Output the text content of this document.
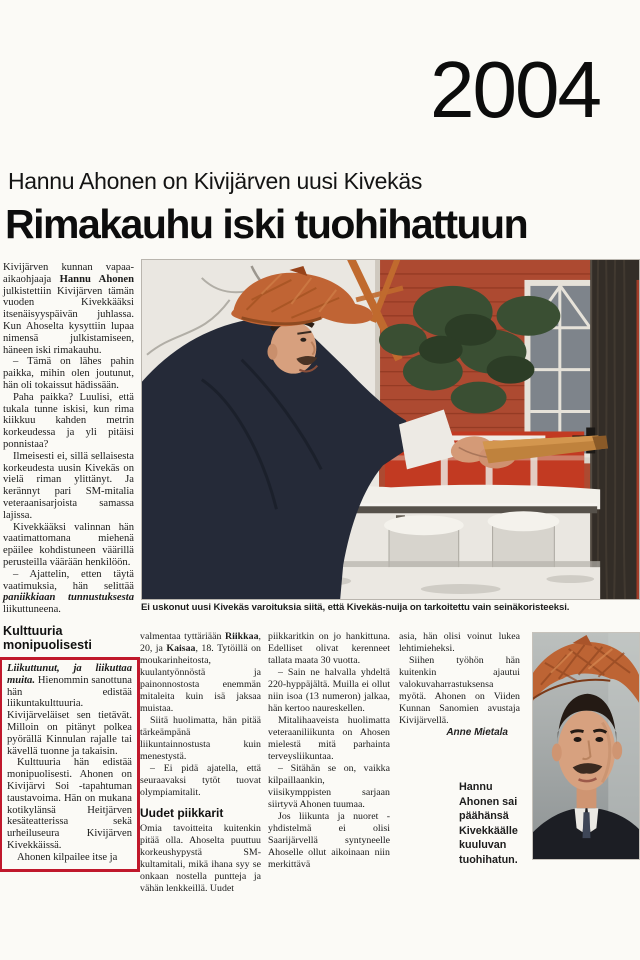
2004
Hannu Ahonen on Kivijärven uusi Kivekäs
Rimakauhu iski tuohihattuun
Ei uskonut uusi Kivekäs varoituksia siitä, että Kivekäs-nuija on tarkoitettu vain seinäkoristeeksi.

Kivijärven kunnan vapaa-aikaohjaaja Hannu Ahonen julkistettiin Kivijärven tämän vuoden Kivekkääksi itsenäisyyspäivän juhlassa. Kun Ahoselta kysyttiin lupaa nimensä julkistamiseen, häneen iski rimakauhu.

– Tämä on lähes pahin paikka, mihin olen joutunut, hän oli tokaissut hädissään.

Paha paikka? Luulisi, että tukala tunne iskisi, kun rima kiikkuu kahden metrin korkeudessa ja yli pitäisi ponnistaa?

Ilmeisesti ei, sillä sellaisesta korkeudesta uusin Kivekäs on vielä riman ylittänyt. Ja kerännyt pari SM-mitalia veteraanisarjoista samassa lajissa.

Kivekkääksi valinnan hän vaatimattomana miehenä epäilee kohdistuneen väärillä perusteilla väärään henkilöön.

– Ajattelin, etten täytä vaatimuksia, hän selittää paniikkiaan tunnustuksesta liikuttuneena.

Kulttuuria monipuolisesti

Liikuttunut, ja liikuttaa muita. Hienommin sanottuna hän edistää liikuntakulttuuria. Kivijärveläiset sen tietävät. Milloin on pitänyt polkea pyörällä Kinnulan rajalle tai kävellä tuonne ja takaisin.

Kulttuuria hän edistää monipuolisesti. Ahonen on Kivijärvi Soi -tapahtuman taustavoima. Hän on mukana kotikylänsä Heitjärven kesäteatterissa sekä urheiluseura Kivijärven Kivekkäissä.

Ahonen kilpailee itse ja

valmentaa tyttäriään Riikkaa, 20, ja Kaisaa, 18. Tytöillä on moukarinheitosta, kuulantyönnöstä ja painonnostosta enemmän mitaleita kuin isä jaksaa muistaa.

Siitä huolimatta, hän pitää tärkeämpänä liikuntainnostusta kuin menestystä.

– Ei pidä ajatella, että seuraavaksi tytöt tuovat olympiamitalit.

Uudet piikkarit

Omia tavoitteita kuitenkin pitää olla. Ahoselta puuttuu korkeushypystä SM-kultamitali, mikä ihana syy se onkaan nostella puntteja ja vähän lenkkeillä. Uudet

piikkaritkin on jo hankittuna. Edelliset olivat kerenneet tallata maata 30 vuotta.

– Sain ne halvalla yhdeltä 220-hyppäjältä. Muilla ei ollut niin isoa (13 numeron) jalkaa, hän kertoo naureskellen.

Mitalihaaveista huolimatta veteraaniliikunta on Ahosen mielestä mitä parhainta terveysliikuntaa.

– Sitähän se on, vaikka kilpaillaankin, viisikymppisten sarjaan siirtyvä Ahonen tuumaa.

Jos liikunta ja nuoret -yhdistelmä ei olisi Saarijärvellä syntyneelle Ahoselle ollut aikoinaan niin merkittävä

asia, hän olisi voinut lukea lehtimieheksi.

Siihen työhön hän kuitenkin ajautui valokuvaharrastuksensa myötä. Ahonen on Viiden Kunnan Sanomien avustaja Kivijärvellä.

Anne Mietala

Hannu Ahonen sai päähänsä Kivekkäälle kuuluvan tuohihatun.
